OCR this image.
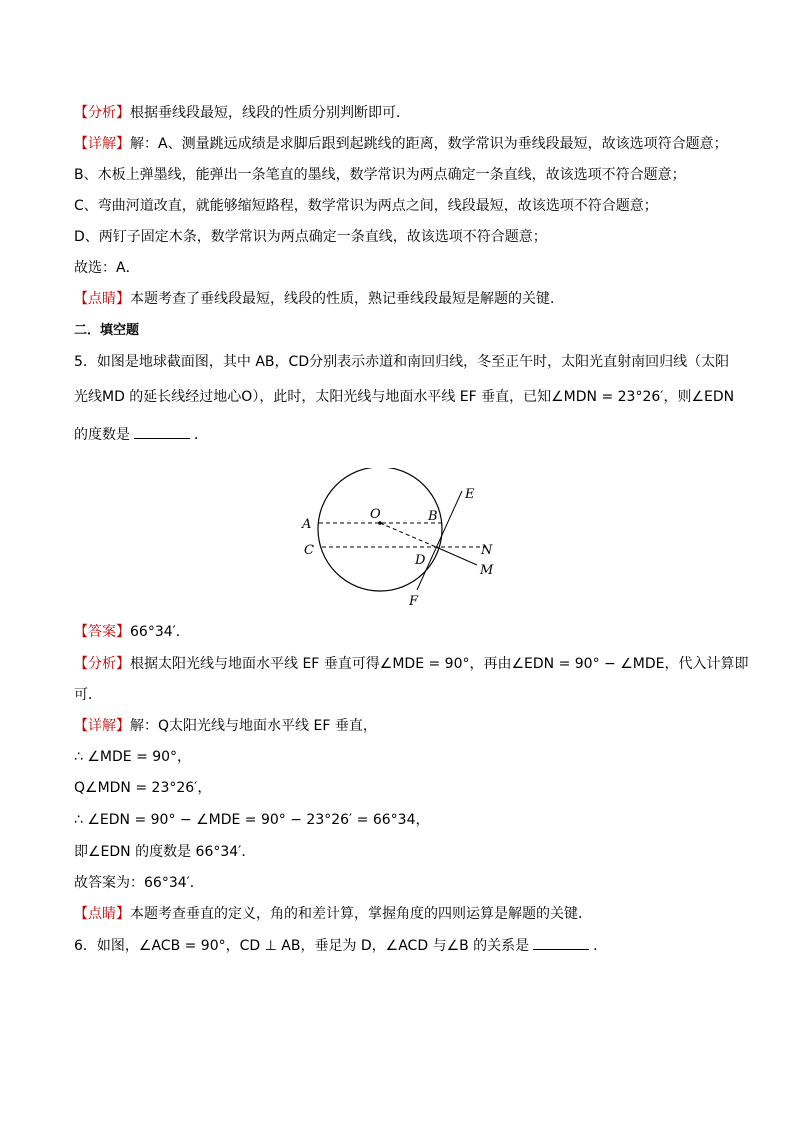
【分析】根据垂线段最短，线段的性质分别判断即可．
【详解】解：A、测量跳远成绩是求脚后跟到起跳线的距离，数学常识为垂线段最短，故该选项符合题意；
B、木板上弹墨线，能弹出一条笔直的墨线，数学常识为两点确定一条直线，故该选项不符合题意；
C、弯曲河道改直，就能够缩短路程，数学常识为两点之间，线段最短，故该选项不符合题意；
D、两钉子固定木条，数学常识为两点确定一条直线，故该选项不符合题意；
故选：A．
【点睛】本题考查了垂线段最短，线段的性质，熟记垂线段最短是解题的关键．
二．填空题
5．如图是地球截面图，其中 AB，CD分别表示赤道和南回归线，冬至正午时，太阳光直射南回归线（太阳
光线MD 的延长线经过地心O），此时，太阳光线与地面水平线 EF 垂直，已知∠MDN = 23°26′，则∠EDN
的度数是	．
O
A
B
C
D
E
F
M
N
【答案】66°34′．
【分析】根据太阳光线与地面水平线 EF 垂直可得∠MDE = 90°，再由∠EDN = 90° − ∠MDE，代入计算即
可．
【详解】解：Q太阳光线与地面水平线 EF 垂直，
∴ ∠MDE = 90°，
Q∠MDN = 23°26′，
∴ ∠EDN = 90° − ∠MDE = 90° − 23°26′ = 66°34，
即∠EDN 的度数是 66°34′．
故答案为：66°34′．
【点睛】本题考查垂直的定义，角的和差计算，掌握角度的四则运算是解题的关键．
6．如图，∠ACB = 90°，CD ⊥ AB，垂足为 D，∠ACD 与∠B 的关系是	．
